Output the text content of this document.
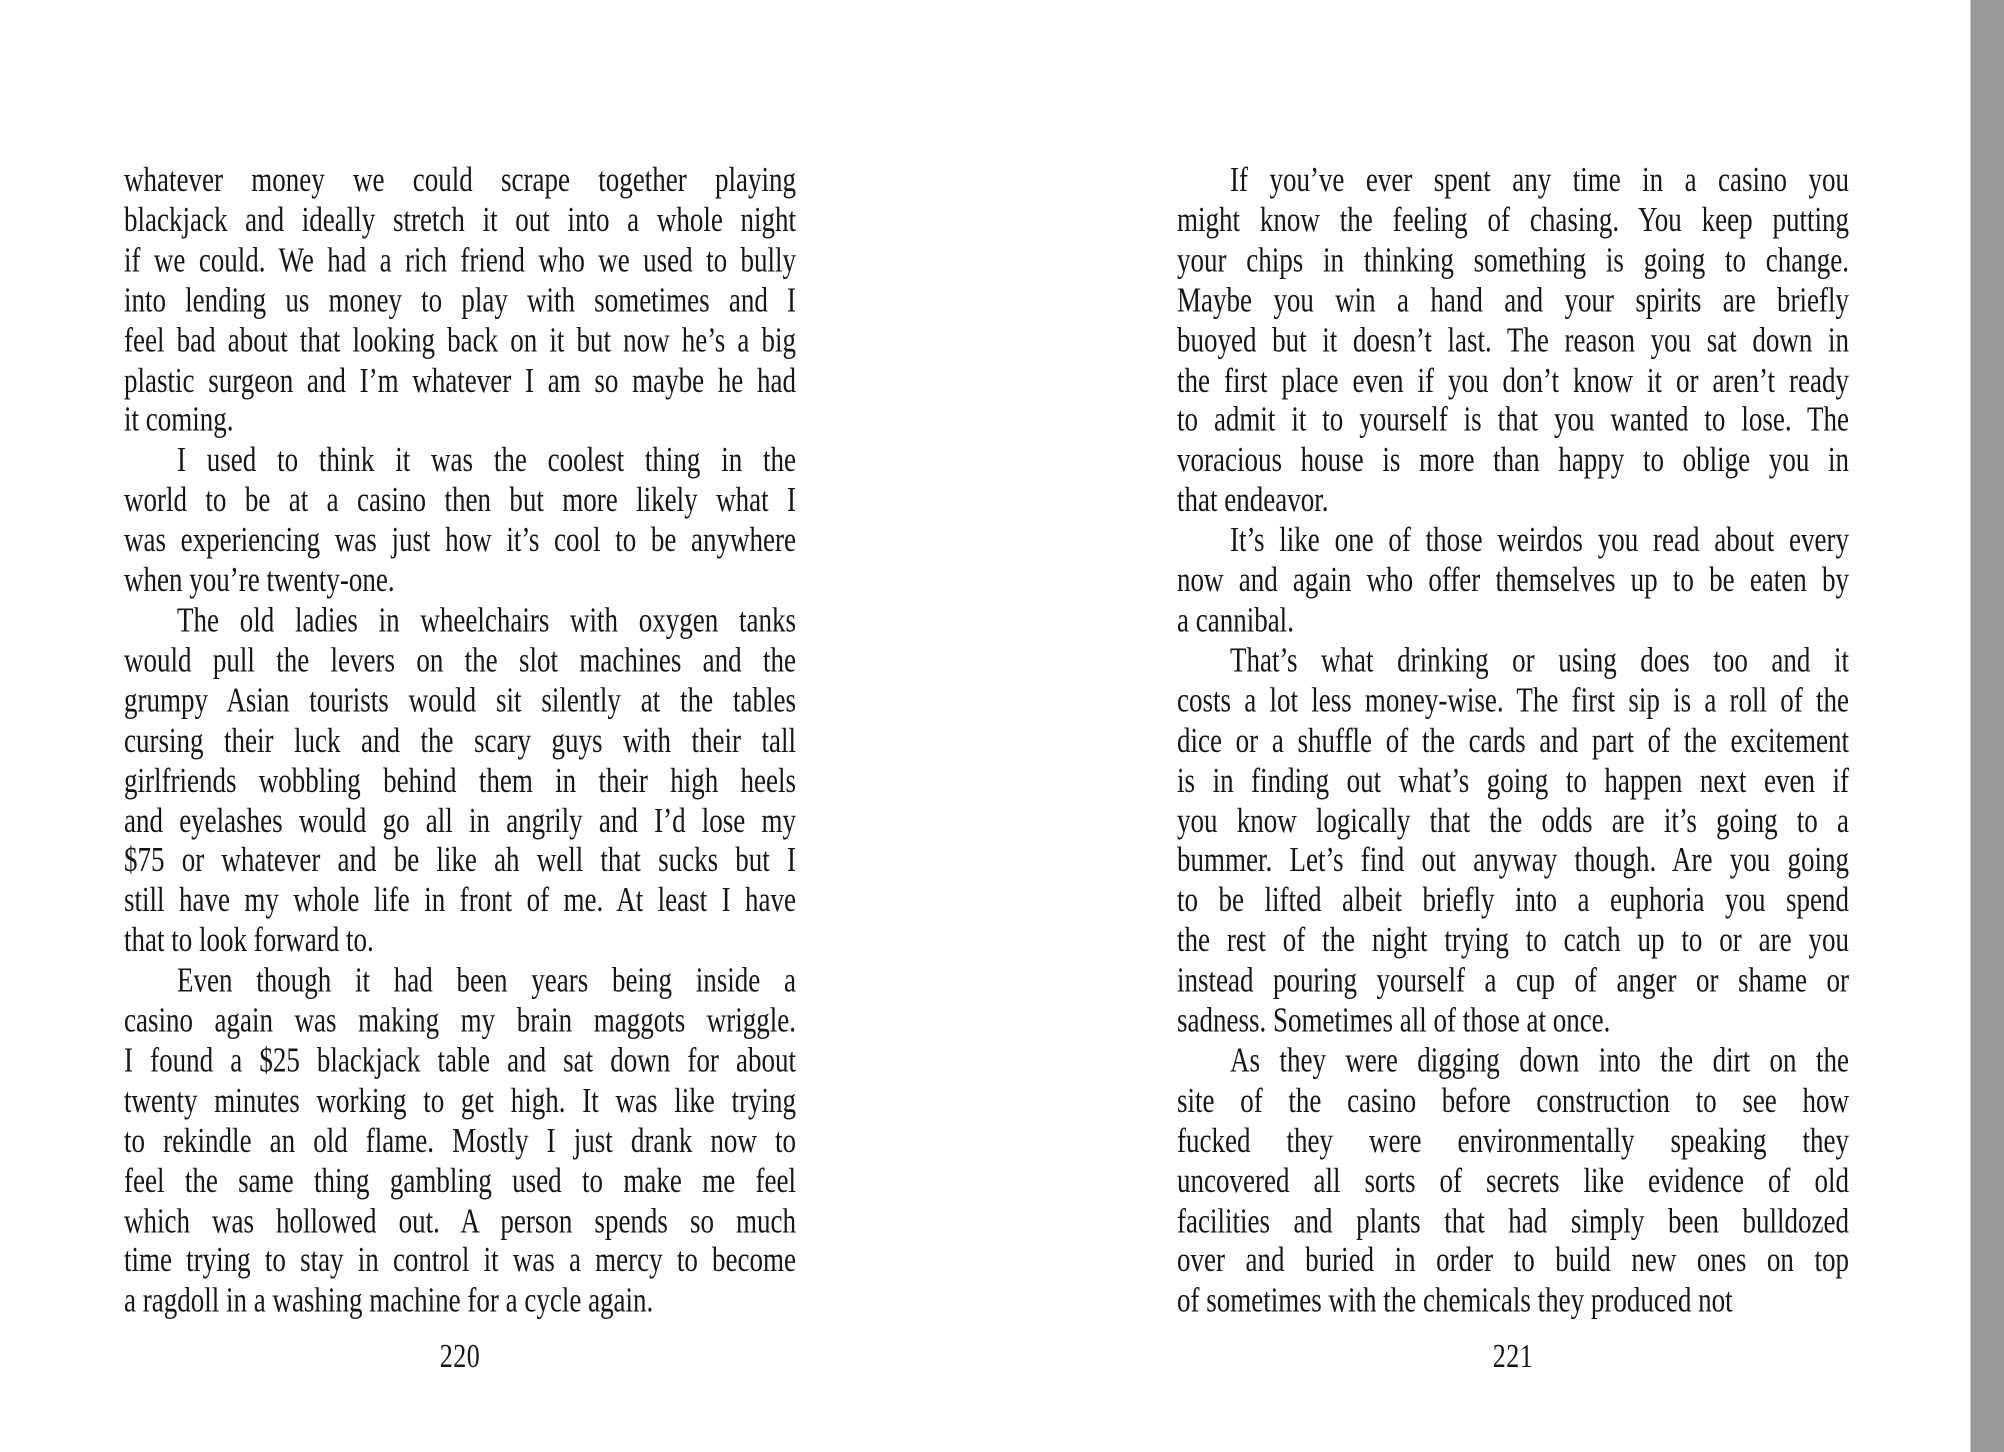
whatever money we could scrape together playing
blackjack and ideally stretch it out into a whole night
if we could. We had a rich friend who we used to bully
into lending us money to play with sometimes and I
feel bad about that looking back on it but now he’s a big
plastic surgeon and I’m whatever I am so maybe he had
it coming.
I used to think it was the coolest thing in the
world to be at a casino then but more likely what I
was experiencing was just how it’s cool to be anywhere
when you’re twenty-one.
The old ladies in wheelchairs with oxygen tanks
would pull the levers on the slot machines and the
grumpy Asian tourists would sit silently at the tables
cursing their luck and the scary guys with their tall
girlfriends wobbling behind them in their high heels
and eyelashes would go all in angrily and I’d lose my
$75 or whatever and be like ah well that sucks but I
still have my whole life in front of me. At least I have
that to look forward to.
Even though it had been years being inside a
casino again was making my brain maggots wriggle.
I found a $25 blackjack table and sat down for about
twenty minutes working to get high. It was like trying
to rekindle an old flame. Mostly I just drank now to
feel the same thing gambling used to make me feel
which was hollowed out. A person spends so much
time trying to stay in control it was a mercy to become
a ragdoll in a washing machine for a cycle again.
220
If you’ve ever spent any time in a casino you
might know the feeling of chasing. You keep putting
your chips in thinking something is going to change.
Maybe you win a hand and your spirits are briefly
buoyed but it doesn’t last. The reason you sat down in
the first place even if you don’t know it or aren’t ready
to admit it to yourself is that you wanted to lose. The
voracious house is more than happy to oblige you in
that endeavor.
It’s like one of those weirdos you read about every
now and again who offer themselves up to be eaten by
a cannibal.
That’s what drinking or using does too and it
costs a lot less money-wise. The first sip is a roll of the
dice or a shuffle of the cards and part of the excitement
is in finding out what’s going to happen next even if
you know logically that the odds are it’s going to a
bummer. Let’s find out anyway though. Are you going
to be lifted albeit briefly into a euphoria you spend
the rest of the night trying to catch up to or are you
instead pouring yourself a cup of anger or shame or
sadness. Sometimes all of those at once.
As they were digging down into the dirt on the
site of the casino before construction to see how
fucked they were environmentally speaking they
uncovered all sorts of secrets like evidence of old
facilities and plants that had simply been bulldozed
over and buried in order to build new ones on top
of sometimes with the chemicals they produced not
221
